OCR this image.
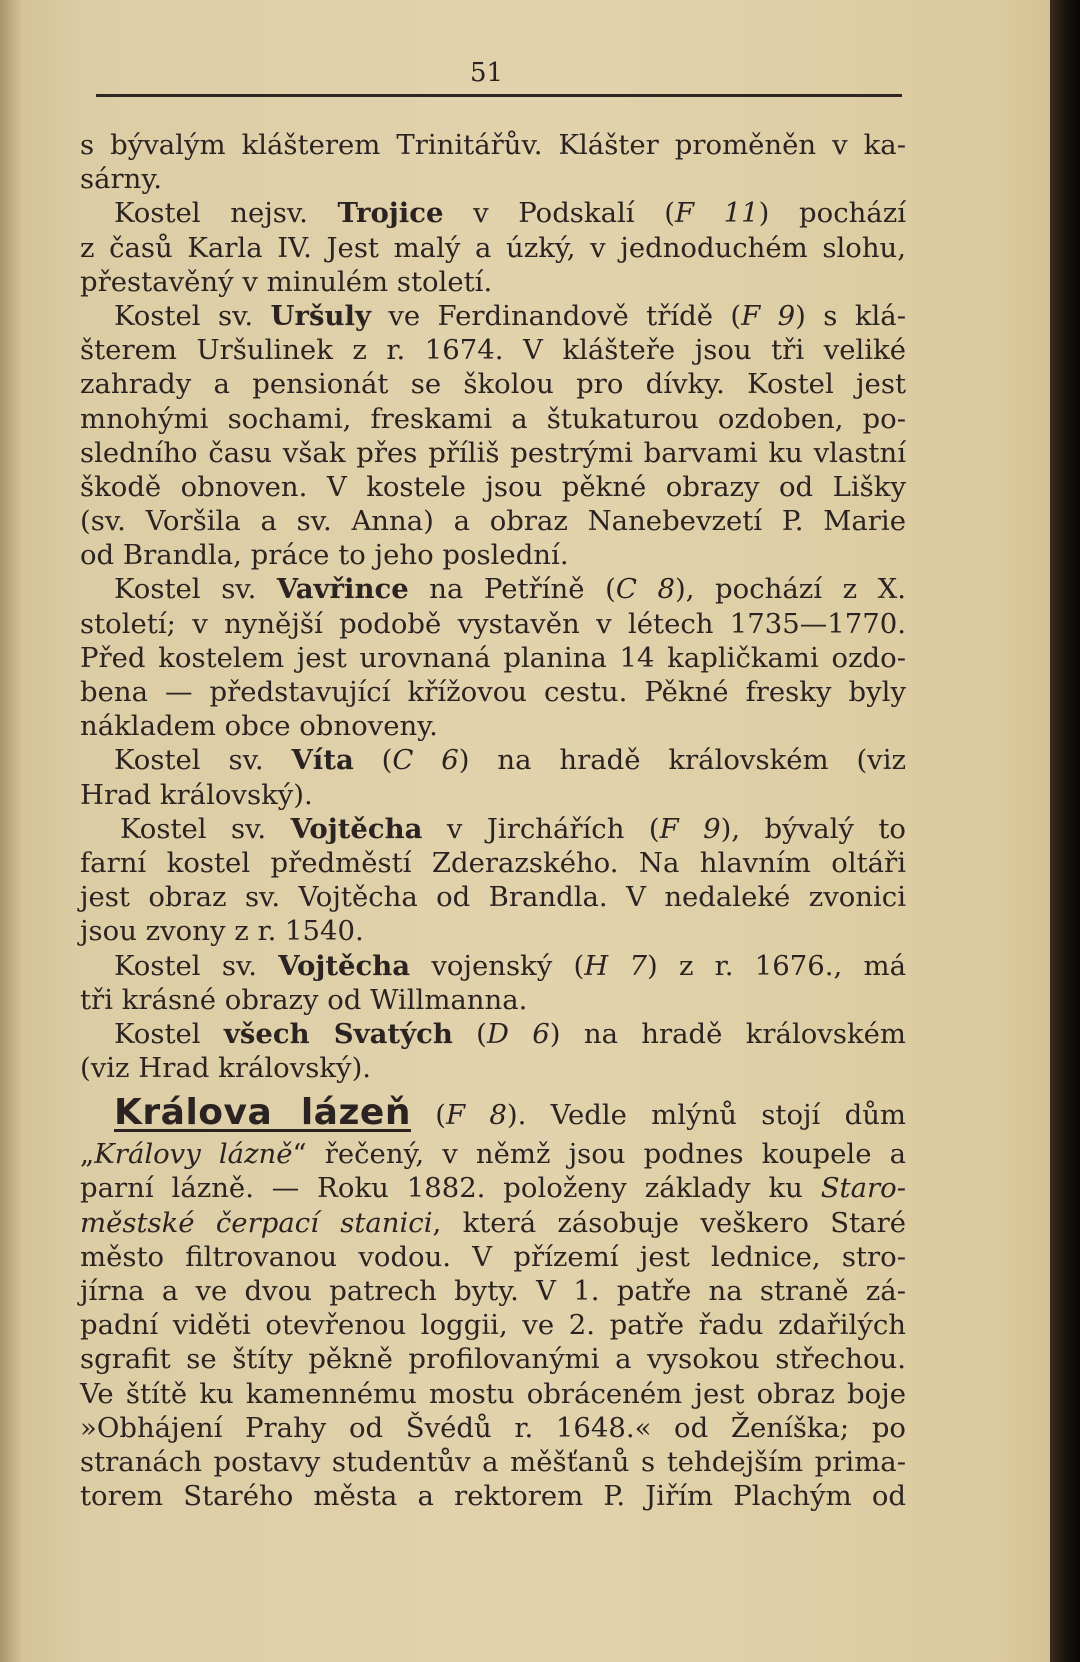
51
s bývalým klášterem Trinitářův. Klášter proměněn v ka-
sárny.
Kostel nejsv. Trojice v Podskalí (F 11) pochází
z časů Karla IV. Jest malý a úzký, v jednoduchém slohu,
přestavěný v minulém století.
Kostel sv. Uršuly ve Ferdinandově třídě (F 9) s klá-
šterem Uršulinek z r. 1674. V klášteře jsou tři veliké
zahrady a pensionát se školou pro dívky. Kostel jest
mnohými sochami, freskami a štukaturou ozdoben, po-
sledního času však přes příliš pestrými barvami ku vlastní
škodě obnoven. V kostele jsou pěkné obrazy od Lišky
(sv. Voršila a sv. Anna) a obraz Nanebevzetí P. Marie
od Brandla, práce to jeho poslední.
Kostel sv. Vavřince na Petříně (C 8), pochází z X.
století; v nynější podobě vystavěn v létech 1735—1770.
Před kostelem jest urovnaná planina 14 kapličkami ozdo-
bena — představující křížovou cestu. Pěkné fresky byly
nákladem obce obnoveny.
Kostel sv. Víta (C 6) na hradě královském (viz
Hrad královský).
Kostel sv. Vojtěcha v Jirchářích (F 9), bývalý to
farní kostel předměstí Zderazského. Na hlavním oltáři
jest obraz sv. Vojtěcha od Brandla. V nedaleké zvonici
jsou zvony z r. 1540.
Kostel sv. Vojtěcha vojenský (H 7) z r. 1676., má
tři krásné obrazy od Willmanna.
Kostel všech Svatých (D 6) na hradě královském
(viz Hrad královský).
Králova lázeň (F 8). Vedle mlýnů stojí dům
„Královy lázně“ řečený, v němž jsou podnes koupele a
parní lázně. — Roku 1882. položeny základy ku Staro-
městské čerpací stanici, která zásobuje veškero Staré
město filtrovanou vodou. V přízemí jest lednice, stro-
jírna a ve dvou patrech byty. V 1. patře na straně zá-
padní viděti otevřenou loggii, ve 2. patře řadu zdařilých
sgrafit se štíty pěkně profilovanými a vysokou střechou.
Ve štítě ku kamennému mostu obráceném jest obraz boje
»Obhájení Prahy od Švédů r. 1648.« od Ženíška; po
stranách postavy studentův a měšťanů s tehdejším prima-
torem Starého města a rektorem P. Jiřím Plachým od
